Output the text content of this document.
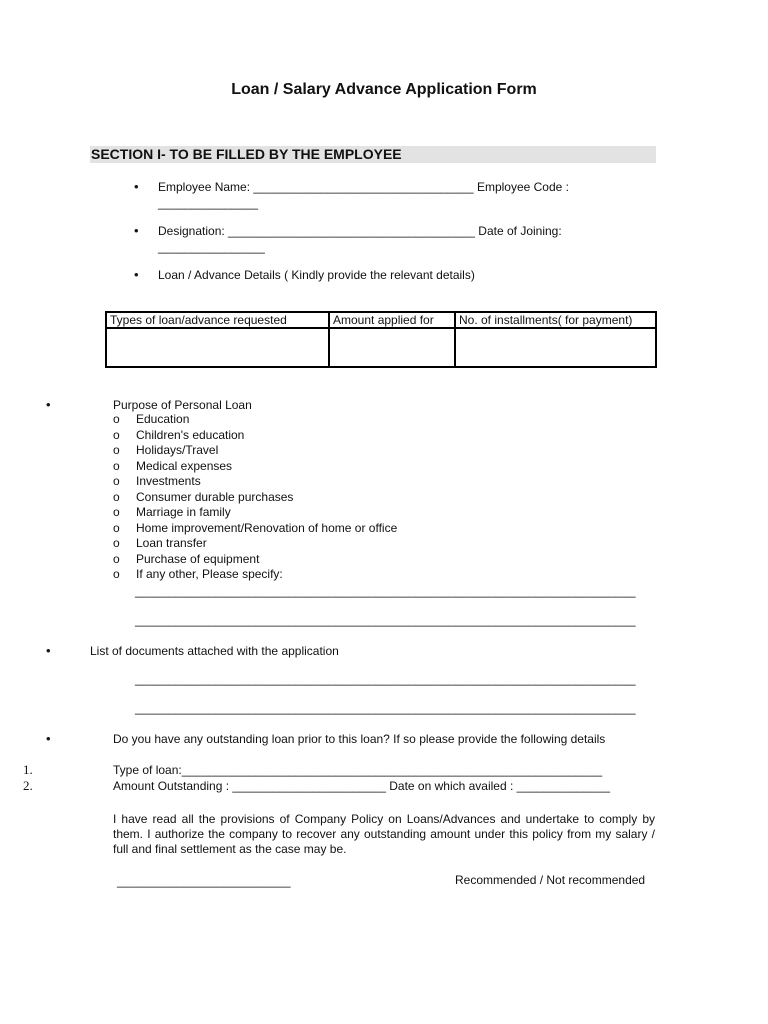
Loan / Salary Advance Application Form
SECTION I- TO BE FILLED BY THE EMPLOYEE
• Employee Name: _________________________________ Employee Code :
_______________
• Designation: _____________________________________ Date of Joining:
________________
• Loan / Advance Details ( Kindly provide the relevant details)
Types of loan/advance requested	Amount applied for	No. of installments( for payment)

•	Purpose of Personal Loan
o Education
o Children's education
o Holidays/Travel
o Medical expenses
o Investments
o Consumer durable purchases
o Marriage in family
o Home improvement/Renovation of home or office
o Loan transfer
o Purchase of equipment
o If any other, Please specify:
___________________________________________________________________________
___________________________________________________________________________
•	List of documents attached with the application
___________________________________________________________________________
___________________________________________________________________________
•	Do you have any outstanding loan prior to this loan? If so please provide the following details
1.	Type of loan:_______________________________________________________________
2.	Amount Outstanding : _______________________ Date on which availed : ______________
I have read all the provisions of Company Policy on Loans/Advances and undertake to comply by them. I authorize the company to recover any outstanding amount under this policy from my salary / full and final settlement as the case may be.
__________________________	Recommended / Not recommended
